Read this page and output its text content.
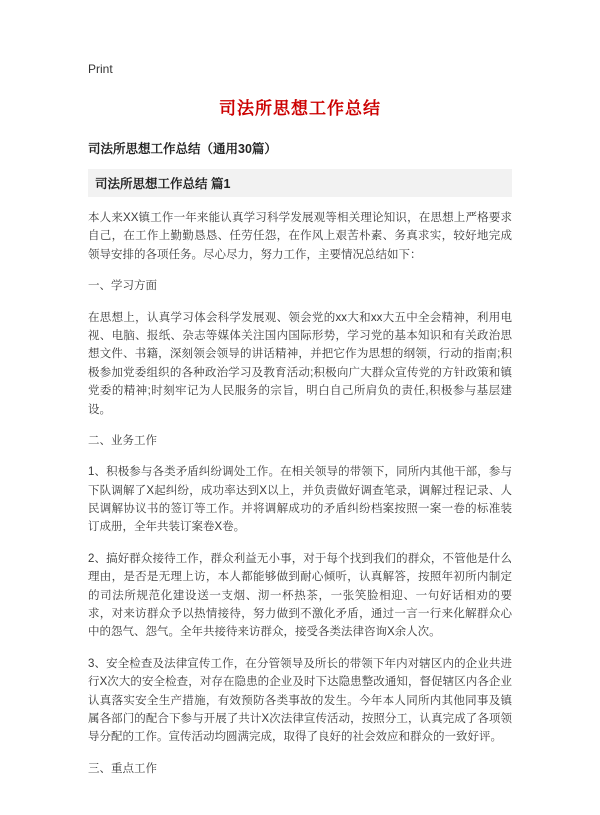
Print
司法所思想工作总结
司法所思想工作总结（通用30篇）
司法所思想工作总结 篇1

本人来XX镇工作一年来能认真学习科学发展观等相关理论知识，在思想上严格要求自己，在工作上勤勤恳恳、任劳任怨，在作风上艰苦朴素、务真求实，较好地完成领导安排的各项任务。尽心尽力，努力工作，主要情况总结如下：

一、学习方面

在思想上，认真学习体会科学发展观、领会党的xx大和xx大五中全会精神，利用电视、电脑、报纸、杂志等媒体关注国内国际形势，学习党的基本知识和有关政治思想文件、书籍，深刻领会领导的讲话精神，并把它作为思想的纲领，行动的指南;积极参加党委组织的各种政治学习及教育活动;积极向广大群众宣传党的方针政策和镇党委的精神;时刻牢记为人民服务的宗旨，明白自己所肩负的责任,积极参与基层建设。

二、业务工作

1、积极参与各类矛盾纠纷调处工作。在相关领导的带领下，同所内其他干部，参与下队调解了X起纠纷，成功率达到X以上，并负责做好调查笔录，调解过程记录、人民调解协议书的签订等工作。并将调解成功的矛盾纠纷档案按照一案一卷的标准装订成册，全年共装订案卷X卷。

2、搞好群众接待工作，群众利益无小事，对于每个找到我们的群众，不管他是什么理由，是否是无理上访，本人都能够做到耐心倾听，认真解答，按照年初所内制定的司法所规范化建设送一支烟、沏一杯热茶，一张笑脸相迎、一句好话相劝的要求，对来访群众予以热情接待，努力做到不激化矛盾，通过一言一行来化解群众心中的怨气、怨气。全年共接待来访群众，接受各类法律咨询X余人次。

3、安全检查及法律宣传工作，在分管领导及所长的带领下年内对辖区内的企业共进行X次大的安全检查，对存在隐患的企业及时下达隐患整改通知，督促辖区内各企业认真落实安全生产措施，有效预防各类事故的发生。今年本人同所内其他同事及镇属各部门的配合下参与开展了共计X次法律宣传活动，按照分工，认真完成了各项领导分配的工作。宣传活动均圆满完成，取得了良好的社会效应和群众的一致好评。

三、重点工作
